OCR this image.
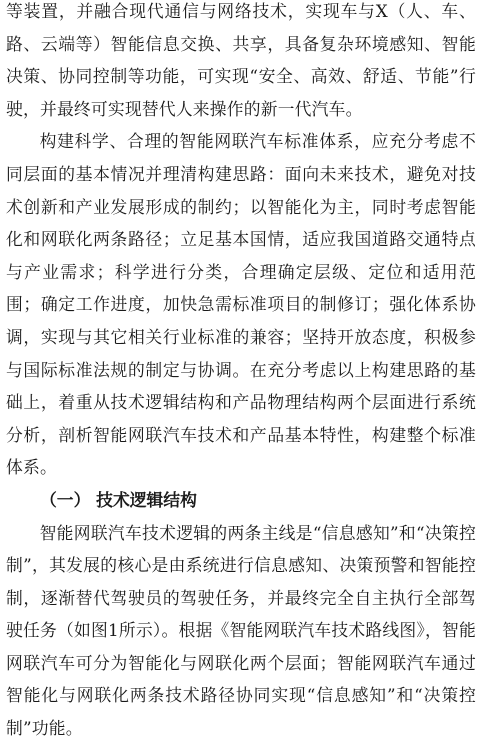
等装置，并融合现代通信与网络技术，实现车与X（人、车、路、云端等）智能信息交换、共享，具备复杂环境感知、智能决策、协同控制等功能，可实现“安全、高效、舒适、节能”行驶，并最终可实现替代人来操作的新一代汽车。

构建科学、合理的智能网联汽车标准体系，应充分考虑不同层面的基本情况并理清构建思路：面向未来技术，避免对技术创新和产业发展形成的制约；以智能化为主，同时考虑智能化和网联化两条路径；立足基本国情，适应我国道路交通特点与产业需求；科学进行分类，合理确定层级、定位和适用范围；确定工作进度，加快急需标准项目的制修订；强化体系协调，实现与其它相关行业标准的兼容；坚持开放态度，积极参与国际标准法规的制定与协调。在充分考虑以上构建思路的基础上，着重从技术逻辑结构和产品物理结构两个层面进行系统分析，剖析智能网联汽车技术和产品基本特性，构建整个标准体系。

（一） 技术逻辑结构

智能网联汽车技术逻辑的两条主线是“信息感知”和“决策控制”，其发展的核心是由系统进行信息感知、决策预警和智能控制，逐渐替代驾驶员的驾驶任务，并最终完全自主执行全部驾驶任务（如图1所示）。根据《智能网联汽车技术路线图》，智能网联汽车可分为智能化与网联化两个层面；智能网联汽车通过智能化与网联化两条技术路径协同实现“信息感知”和“决策控制”功能。
